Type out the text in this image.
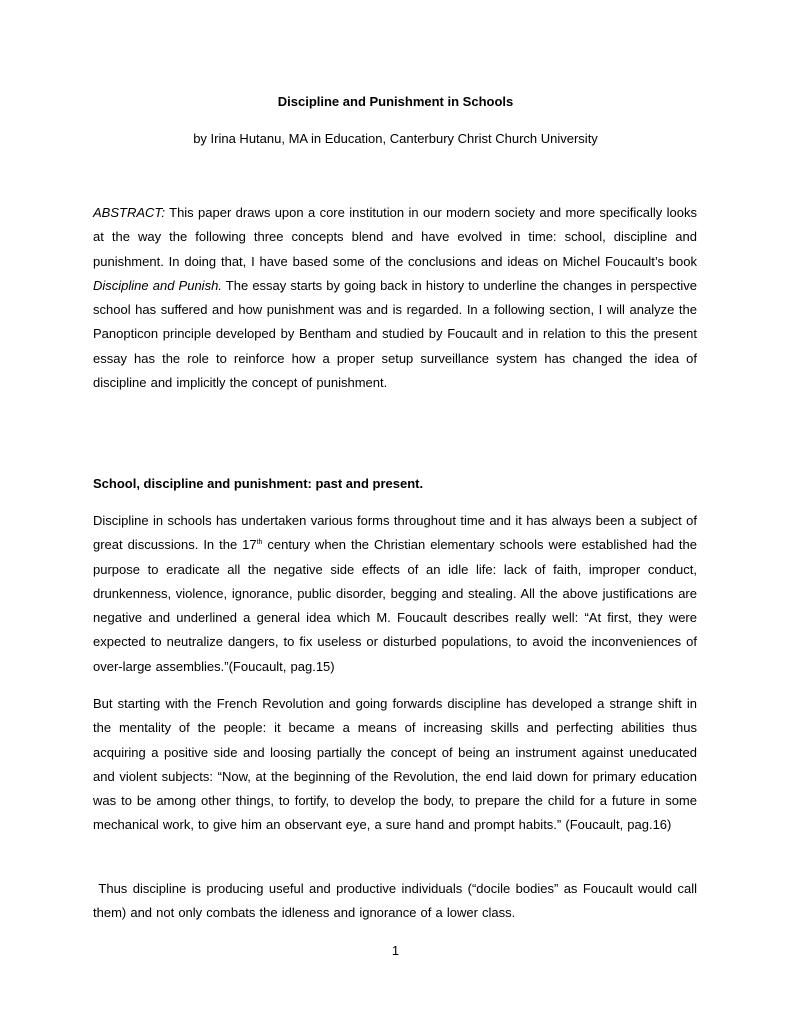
Discipline and Punishment in Schools
by Irina Hutanu, MA in Education, Canterbury Christ Church University

ABSTRACT: This paper draws upon a core institution in our modern society and more specifically looks at the way the following three concepts blend and have evolved in time: school, discipline and punishment. In doing that, I have based some of the conclusions and ideas on Michel Foucault’s book Discipline and Punish. The essay starts by going back in history to underline the changes in perspective school has suffered and how punishment was and is regarded. In a following section, I will analyze the Panopticon principle developed by Bentham and studied by Foucault and in relation to this the present essay has the role to reinforce how a proper setup surveillance system has changed the idea of discipline and implicitly the concept of punishment.

School, discipline and punishment: past and present.

Discipline in schools has undertaken various forms throughout time and it has always been a subject of great discussions. In the 17th century when the Christian elementary schools were established had the purpose to eradicate all the negative side effects of an idle life: lack of faith, improper conduct, drunkenness, violence, ignorance, public disorder, begging and stealing. All the above justifications are negative and underlined a general idea which M. Foucault describes really well: “At first, they were expected to neutralize dangers, to fix useless or disturbed populations, to avoid the inconveniences of over-large assemblies.”(Foucault, pag.15)

But starting with the French Revolution and going forwards discipline has developed a strange shift in the mentality of the people: it became a means of increasing skills and perfecting abilities thus acquiring a positive side and loosing partially the concept of being an instrument against uneducated and violent subjects: “Now, at the beginning of the Revolution, the end laid down for primary education was to be among other things, to fortify, to develop the body, to prepare the child for a future in some mechanical work, to give him an observant eye, a sure hand and prompt habits.” (Foucault, pag.16)

Thus discipline is producing useful and productive individuals (“docile bodies” as Foucault would call them) and not only combats the idleness and ignorance of a lower class.

1
